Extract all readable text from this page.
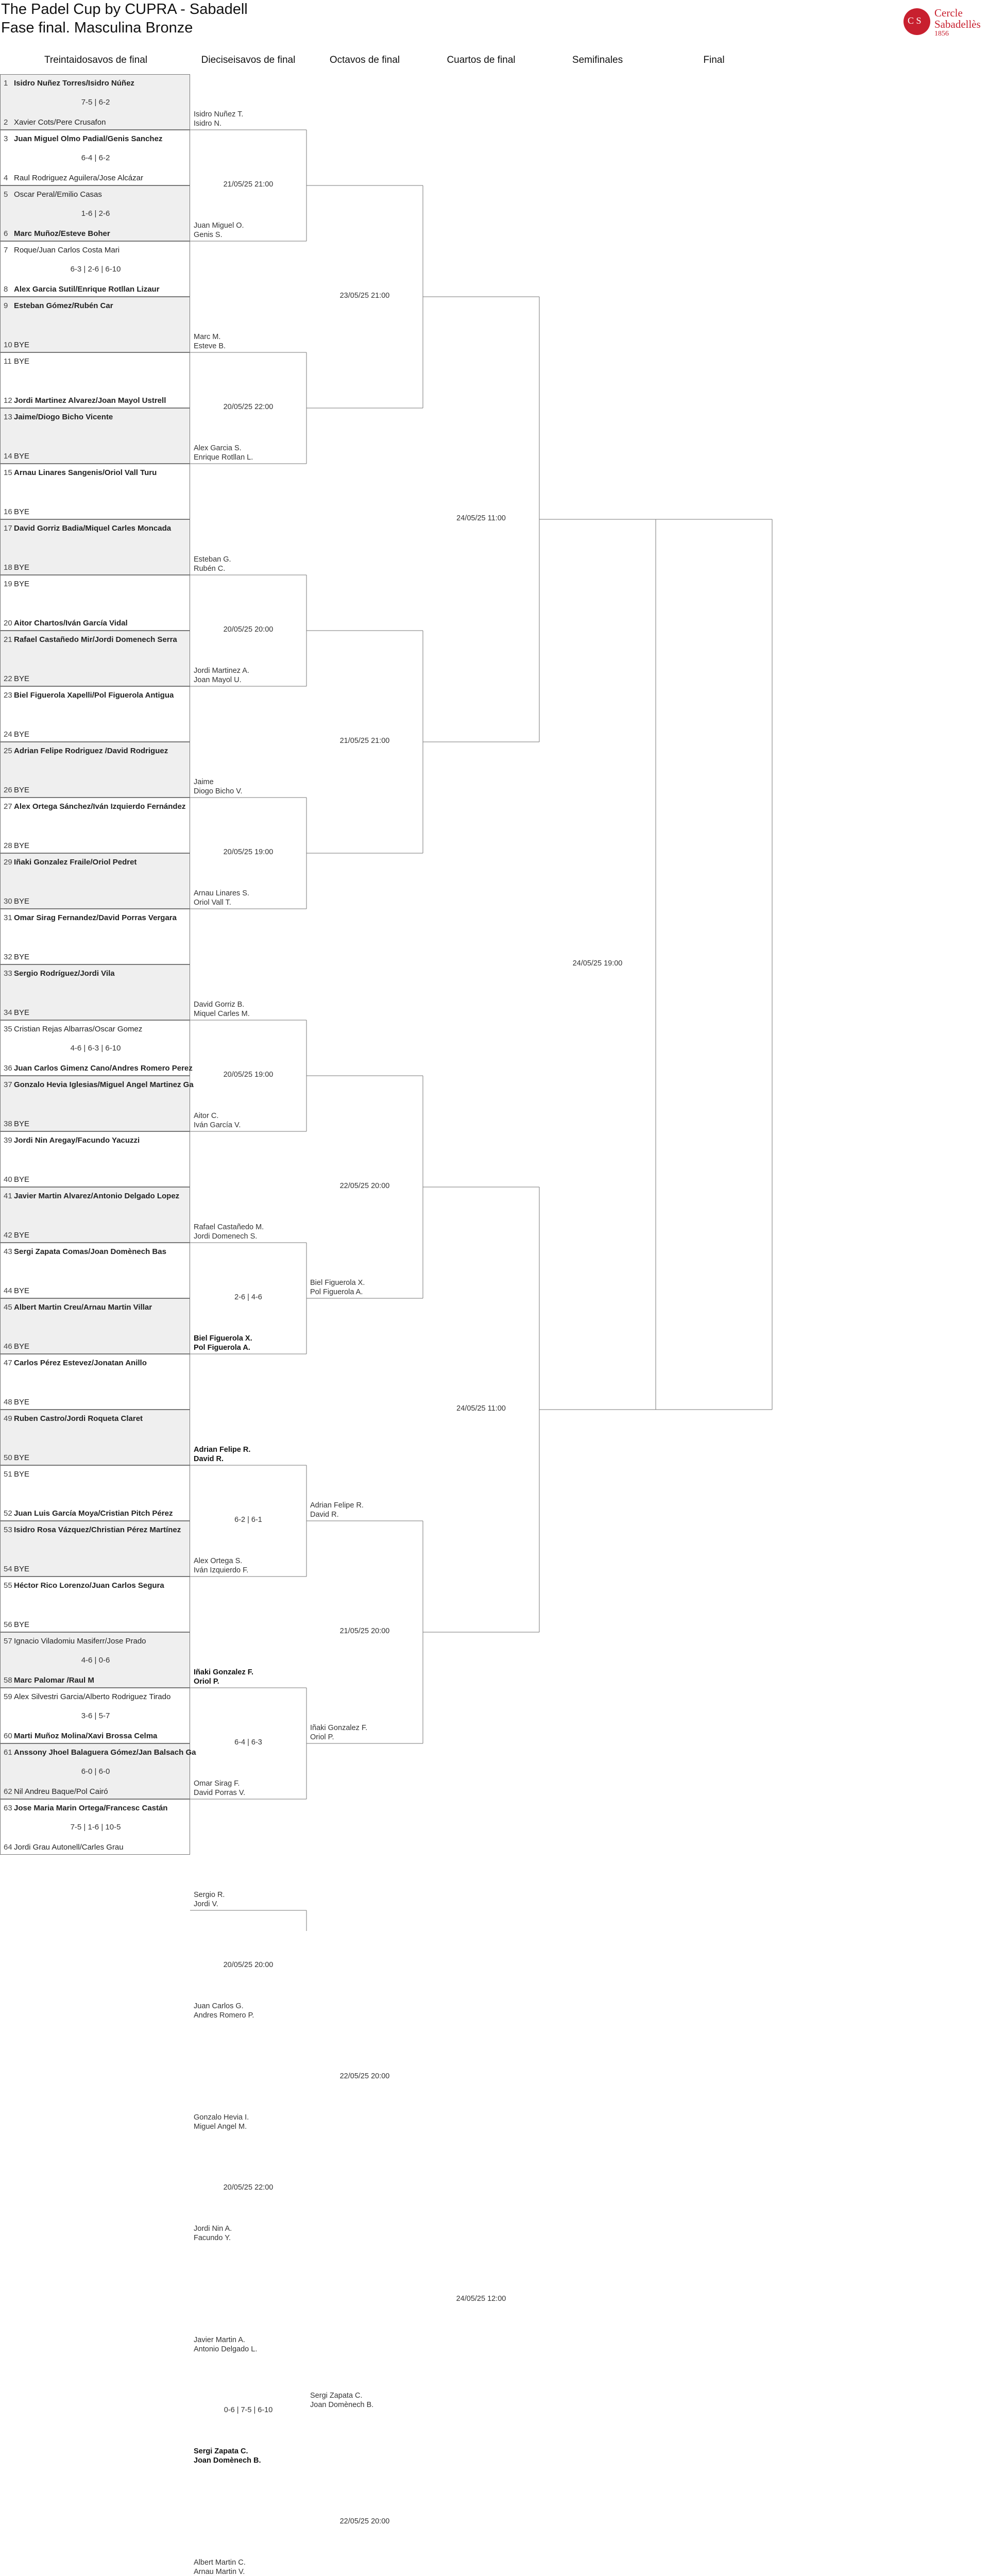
The Padel Cup by CUPRA - Sabadell
Fase final. Masculina Bronze	C S
Cercle
Sabadellès
1856
Treintaidosavos de final	Dieciseisavos de final	Octavos de final	Cuartos de final	Semifinales	Final
1 Isidro Nuñez Torres/Isidro Núñez
7-5 | 6-2
2 Xavier Cots/Pere Crusafon
3 Juan Miguel Olmo Padial/Genis Sanchez
6-4 | 6-2
4 Raul Rodriguez Aguilera/Jose Alcázar
5 Oscar Peral/Emilio Casas
1-6 | 2-6
6 Marc Muñoz/Esteve Boher
7 Roque/Juan Carlos Costa Mari
6-3 | 2-6 | 6-10
8 Alex Garcia Sutil/Enrique Rotllan Lizaur
9 Esteban Gómez/Rubén Car
10 BYE
11 BYE
12 Jordi Martinez Alvarez/Joan Mayol Ustrell
13 Jaime/Diogo Bicho Vicente
14 BYE
15 Arnau Linares Sangenis/Oriol Vall Turu
16 BYE
17 David Gorriz Badia/Miquel Carles Moncada
18 BYE
19 BYE
20 Aitor Chartos/Iván García Vidal
21 Rafael Castañedo Mir/Jordi Domenech Serra
22 BYE
23 Biel Figuerola Xapelli/Pol Figuerola Antigua
24 BYE
25 Adrian Felipe Rodriguez /David Rodriguez
26 BYE
27 Alex Ortega Sánchez/Iván Izquierdo Fernández
28 BYE
29 Iñaki Gonzalez Fraile/Oriol Pedret
30 BYE
31 Omar Sirag Fernandez/David Porras Vergara
32 BYE
33 Sergio Rodríguez/Jordi Vila
34 BYE
35 Cristian Rejas Albarras/Oscar Gomez
4-6 | 6-3 | 6-10
36 Juan Carlos Gimenz Cano/Andres Romero Perez
37 Gonzalo Hevia Iglesias/Miguel Angel Martinez Ga
38 BYE
39 Jordi Nin Aregay/Facundo Yacuzzi
40 BYE
41 Javier Martin Alvarez/Antonio Delgado Lopez
42 BYE
43 Sergi Zapata Comas/Joan Domènech Bas
44 BYE
45 Albert Martin Creu/Arnau Martin Villar
46 BYE
47 Carlos Pérez Estevez/Jonatan Anillo
48 BYE
49 Ruben Castro/Jordi Roqueta Claret
50 BYE
51 BYE
52 Juan Luis García Moya/Cristian Pitch Pérez
53 Isidro Rosa Vázquez/Christian Pérez Martínez
54 BYE
55 Héctor Rico Lorenzo/Juan Carlos Segura
56 BYE
57 Ignacio Viladomiu Masiferr/Jose Prado
4-6 | 0-6
58 Marc Palomar /Raul M
59 Alex Silvestri Garcia/Alberto Rodriguez Tirado
3-6 | 5-7
60 Marti Muñoz Molina/Xavi Brossa Celma
61 Anssony Jhoel Balaguera Gómez/Jan Balsach Ga
6-0 | 6-0
62 Nil Andreu Baque/Pol Cairó
63 Jose Maria Marin Ortega/Francesc Castán
7-5 | 1-6 | 10-5
64 Jordi Grau Autonell/Carles Grau
Isidro Nuñez T.
Isidro N.
Juan Miguel O.
Genis S.
21/05/25 21:00
Marc M.
Esteve B.
Alex Garcia S.
Enrique Rotllan L.
20/05/25 22:00
Esteban G.
Rubén C.
Jordi Martinez A.
Joan Mayol U.
20/05/25 20:00
Jaime
Diogo Bicho V.
Arnau Linares S.
Oriol Vall T.
20/05/25 19:00
David Gorriz B.
Miquel Carles M.
Aitor C.
Iván García V.
20/05/25 19:00
Rafael Castañedo M.
Jordi Domenech S.
Biel Figuerola X.
Pol Figuerola A.
2-6 | 4-6
Adrian Felipe R.
David R.
Alex Ortega S.
Iván Izquierdo F.
6-2 | 6-1
Iñaki Gonzalez F.
Oriol P.
Omar Sirag F.
David Porras V.
6-4 | 6-3
Sergio R.
Jordi V.
Juan Carlos G.
Andres Romero P.
20/05/25 20:00
Gonzalo Hevia I.
Miguel Angel M.
Jordi Nin A.
Facundo Y.
20/05/25 22:00
Javier Martin A.
Antonio Delgado L.
Sergi Zapata C.
Joan Domènech B.
0-6 | 7-5 | 6-10
Albert Martin C.
Arnau Martin V.
23/05/25 21:00
21/05/25 21:00
Biel Figuerola X.
Pol Figuerola A.
22/05/25 20:00
Adrian Felipe R.
David R.
Iñaki Gonzalez F.
Oriol P.
21/05/25 20:00
22/05/25 20:00
Sergi Zapata C.
Joan Domènech B.
22/05/25 20:00
24/05/25 11:00
24/05/25 11:00
24/05/25 12:00
24/05/25 19:00
